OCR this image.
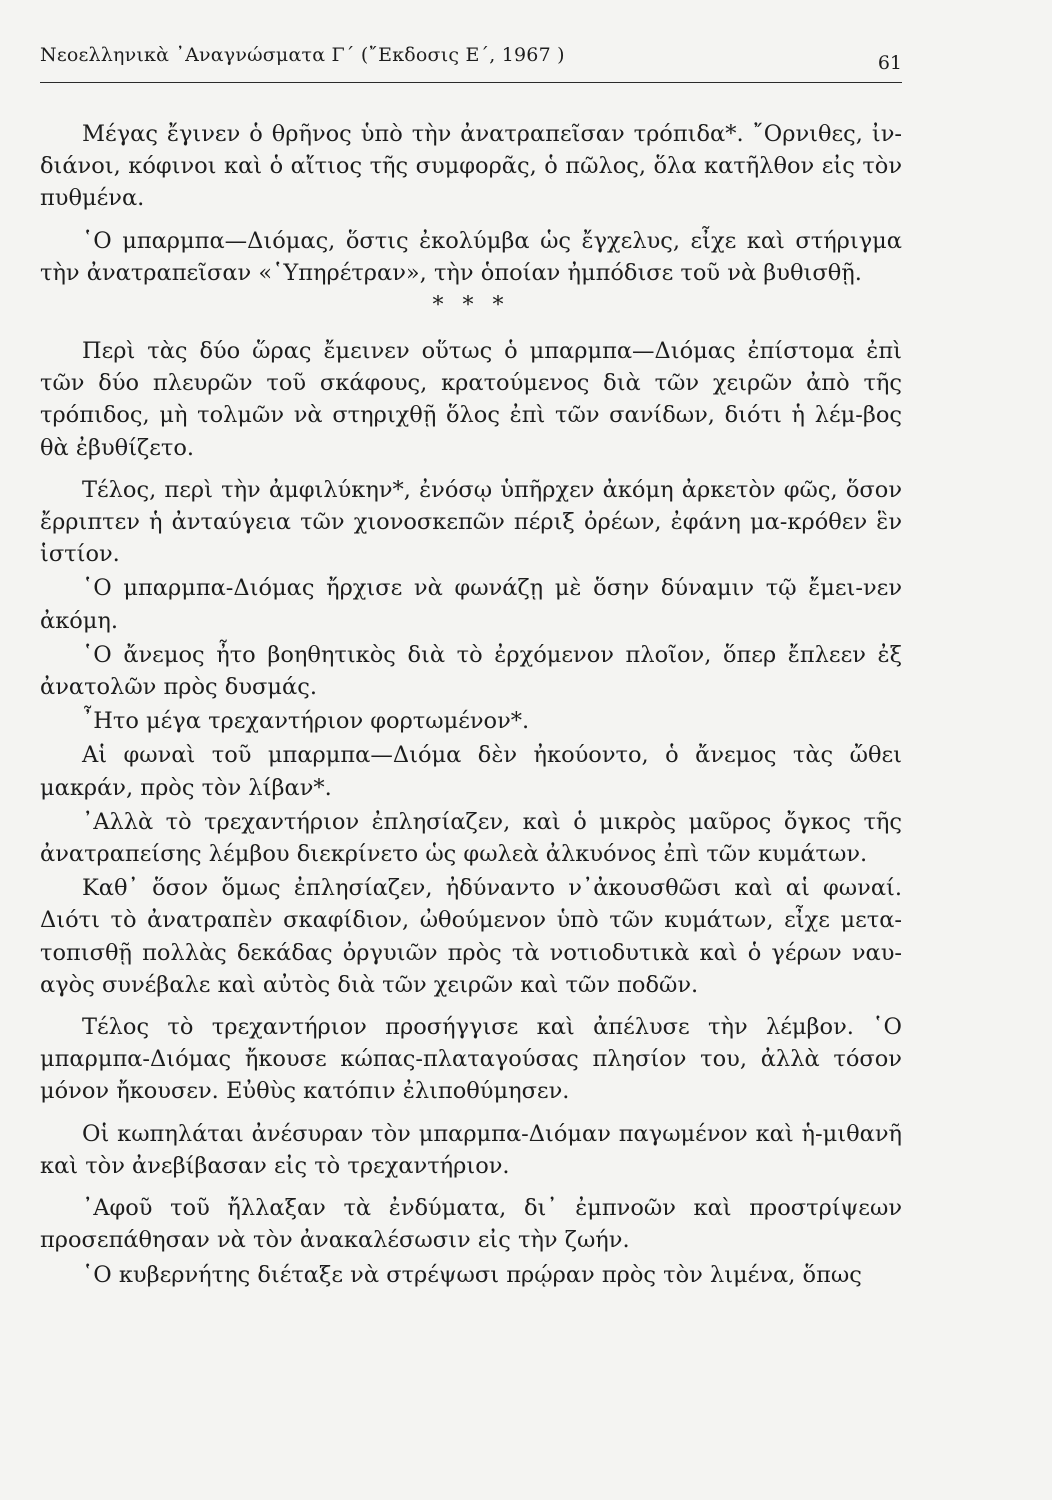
Νεοελληνικὰ ᾿Αναγνώσματα Γ΄ (῎Εκδοσις Ε΄, 1967 )	61

Μέγας ἔγινεν ὁ θρῆνος ὑπὸ τὴν ἀνατραπεῖσαν τρόπιδα*. ῎Ορνιθες, ἰν-διάνοι, κόφινοι καὶ ὁ αἴτιος τῆς συμφορᾶς, ὁ πῶλος, ὅλα κατῆλθον εἰς τὸν πυθμένα.

῾Ο μπαρμπα—Διόμας, ὅστις ἐκολύμβα ὡς ἔγχελυς, εἶχε καὶ στήριγμα τὴν ἀνατραπεῖσαν «῾Υπηρέτραν», τὴν ὁποίαν ἠμπόδισε τοῦ νὰ βυθισθῇ.

* * *

Περὶ τὰς δύο ὥρας ἔμεινεν οὕτως ὁ μπαρμπα—Διόμας ἐπίστομα ἐπὶ τῶν δύο πλευρῶν τοῦ σκάφους, κρατούμενος διὰ τῶν χειρῶν ἀπὸ τῆς τρόπιδος, μὴ τολμῶν νὰ στηριχθῇ ὅλος ἐπὶ τῶν σανίδων, διότι ἡ λέμ-βος θὰ ἐβυθίζετο.

Τέλος, περὶ τὴν ἀμφιλύκην*, ἐνόσῳ ὑπῆρχεν ἀκόμη ἀρκετὸν φῶς, ὅσον ἔρριπτεν ἡ ἀνταύγεια τῶν χιονοσκεπῶν πέριξ ὀρέων, ἐφάνη μα-κρόθεν ἓν ἱστίον.

῾Ο μπαρμπα-Διόμας ἤρχισε νὰ φωνάζῃ μὲ ὅσην δύναμιν τῷ ἔμει-νεν ἀκόμη.

῾Ο ἄνεμος ἦτο βοηθητικὸς διὰ τὸ ἐρχόμενον πλοῖον, ὅπερ ἔπλεεν ἐξ ἀνατολῶν πρὸς δυσμάς.

῏Ητο μέγα τρεχαντήριον φορτωμένον*.

Αἱ φωναὶ τοῦ μπαρμπα—Διόμα δὲν ἠκούοντο, ὁ ἄνεμος τὰς ὤθει μακράν, πρὸς τὸν λίβαν*.

᾿Αλλὰ τὸ τρεχαντήριον ἐπλησίαζεν, καὶ ὁ μικρὸς μαῦρος ὄγκος τῆς ἀνατραπείσης λέμβου διεκρίνετο ὡς φωλεὰ ἀλκυόνος ἐπὶ τῶν κυμάτων.

Καθ᾿ ὅσον ὅμως ἐπλησίαζεν, ἠδύναντο ν᾿ἀκουσθῶσι καὶ αἱ φωναί. Διότι τὸ ἀνατραπὲν σκαφίδιον, ὠθούμενον ὑπὸ τῶν κυμάτων, εἶχε μετα-τοπισθῇ πολλὰς δεκάδας ὀργυιῶν πρὸς τὰ νοτιοδυτικὰ καὶ ὁ γέρων ναυ-αγὸς συνέβαλε καὶ αὐτὸς διὰ τῶν χειρῶν καὶ τῶν ποδῶν.

Τέλος τὸ τρεχαντήριον προσήγγισε καὶ ἀπέλυσε τὴν λέμβον. ῾Ο μπαρμπα-Διόμας ἤκουσε κώπας-πλαταγούσας πλησίον του, ἀλλὰ τόσον μόνον ἤκουσεν. Εὐθὺς κατόπιν ἐλιποθύμησεν.

Οἱ κωπηλάται ἀνέσυραν τὸν μπαρμπα-Διόμαν παγωμένον καὶ ἡ-μιθανῆ καὶ τὸν ἀνεβίβασαν εἰς τὸ τρεχαντήριον.

᾿Αφοῦ τοῦ ἤλλαξαν τὰ ἐνδύματα, δι᾿ ἐμπνοῶν καὶ προστρίψεων προσεπάθησαν νὰ τὸν ἀνακαλέσωσιν εἰς τὴν ζωήν.

῾Ο κυβερνήτης διέταξε νὰ στρέψωσι πρῴραν πρὸς τὸν λιμένα, ὅπως
